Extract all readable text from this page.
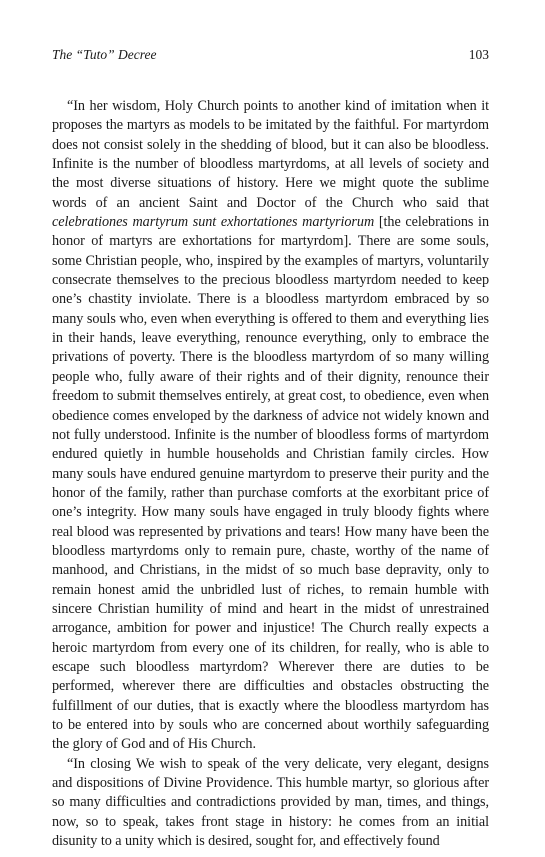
The “Tuto” Decree	103

“In her wisdom, Holy Church points to another kind of imitation when it proposes the martyrs as models to be imitated by the faithful. For martyrdom does not consist solely in the shedding of blood, but it can also be bloodless. Infinite is the number of bloodless martyrdoms, at all levels of society and the most diverse situations of history. Here we might quote the sublime words of an ancient Saint and Doctor of the Church who said that celebrationes martyrum sunt exhortationes martyriorum [the celebrations in honor of martyrs are exhortations for martyrdom]. There are some souls, some Christian people, who, inspired by the examples of martyrs, voluntarily consecrate themselves to the precious bloodless martyrdom needed to keep one’s chastity inviolate. There is a bloodless martyrdom embraced by so many souls who, even when everything is offered to them and everything lies in their hands, leave everything, renounce everything, only to embrace the privations of poverty. There is the bloodless martyrdom of so many willing people who, fully aware of their rights and of their dignity, renounce their freedom to submit themselves entirely, at great cost, to obedience, even when obedience comes enveloped by the darkness of advice not widely known and not fully understood. Infinite is the number of bloodless forms of martyrdom endured quietly in humble households and Christian family circles. How many souls have endured genuine martyrdom to preserve their purity and the honor of the family, rather than purchase comforts at the exorbitant price of one’s integrity. How many souls have engaged in truly bloody fights where real blood was represented by privations and tears! How many have been the bloodless martyrdoms only to remain pure, chaste, worthy of the name of manhood, and Christians, in the midst of so much base depravity, only to remain honest amid the unbridled lust of riches, to remain humble with sincere Christian humility of mind and heart in the midst of unrestrained arrogance, ambition for power and injustice! The Church really expects a heroic martyrdom from every one of its children, for really, who is able to escape such bloodless martyrdom? Wherever there are duties to be performed, wherever there are difficulties and obstacles obstructing the fulfillment of our duties, that is exactly where the bloodless martyrdom has to be entered into by souls who are concerned about worthily safeguarding the glory of God and of His Church.

“In closing We wish to speak of the very delicate, very elegant, designs and dispositions of Divine Providence. This humble martyr, so glorious after so many difficulties and contradictions provided by man, times, and things, now, so to speak, takes front stage in history: he comes from an initial disunity to a unity which is desired, sought for, and effectively found
